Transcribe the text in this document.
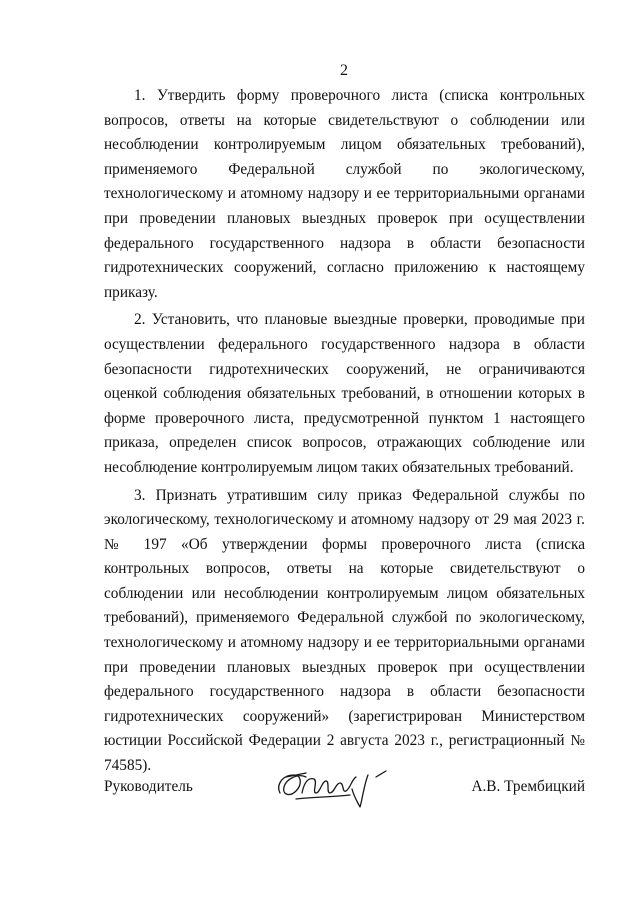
2

1. Утвердить форму проверочного листа (списка контрольных вопросов, ответы на которые свидетельствуют о соблюдении или несоблюдении контролируемым лицом обязательных требований), применяемого Федеральной службой по экологическому, технологическому и атомному надзору и ее территориальными органами при проведении плановых выездных проверок при осуществлении федерального государственного надзора в области безопасности гидротехнических сооружений, согласно приложению к настоящему приказу.

2. Установить, что плановые выездные проверки, проводимые при осуществлении федерального государственного надзора в области безопасности гидротехнических сооружений, не ограничиваются оценкой соблюдения обязательных требований, в отношении которых в форме проверочного листа, предусмотренной пунктом 1 настоящего приказа, определен список вопросов, отражающих соблюдение или несоблюдение контролируемым лицом таких обязательных требований.

3. Признать утратившим силу приказ Федеральной службы по экологическому, технологическому и атомному надзору от 29 мая 2023 г. № 197 «Об утверждении формы проверочного листа (списка контрольных вопросов, ответы на которые свидетельствуют о соблюдении или несоблюдении контролируемым лицом обязательных требований), применяемого Федеральной службой по экологическому, технологическому и атомному надзору и ее территориальными органами при проведении плановых выездных проверок при осуществлении федерального государственного надзора в области безопасности гидротехнических сооружений» (зарегистрирован Министерством юстиции Российской Федерации 2 августа 2023 г., регистрационный № 74585).

Руководитель	А.В. Трембицкий
